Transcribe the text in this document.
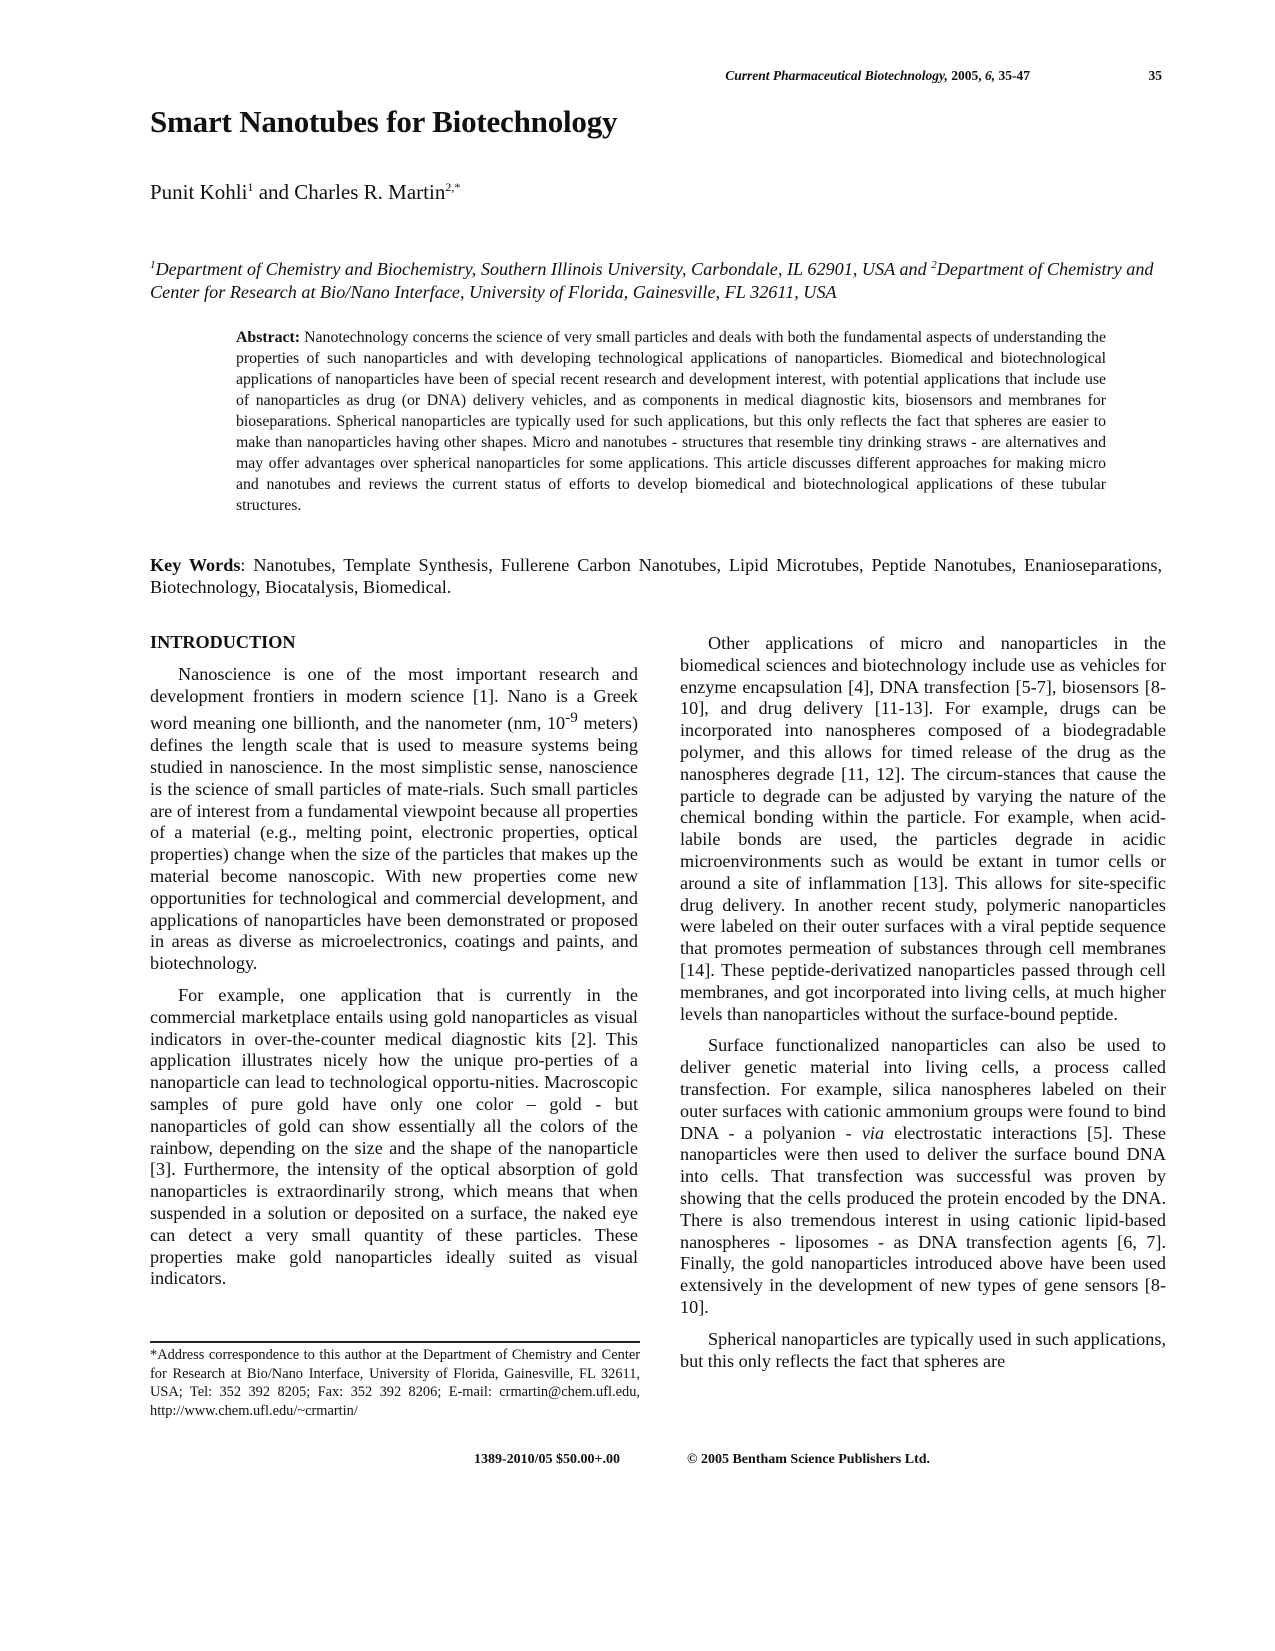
Current Pharmaceutical Biotechnology, 2005, 6, 35-47	35
Smart Nanotubes for Biotechnology
Punit Kohli$^1$ and Charles R. Martin$^{2,*}$
$^1$Department of Chemistry and Biochemistry, Southern Illinois University, Carbondale, IL 62901, USA and $^2$Department of Chemistry and Center for Research at Bio/Nano Interface, University of Florida, Gainesville, FL 32611, USA
Abstract: Nanotechnology concerns the science of very small particles and deals with both the fundamental aspects of understanding the properties of such nanoparticles and with developing technological applications of nanoparticles. Biomedical and biotechnological applications of nanoparticles have been of special recent research and development interest, with potential applications that include use of nanoparticles as drug (or DNA) delivery vehicles, and as components in medical diagnostic kits, biosensors and membranes for bioseparations. Spherical nanoparticles are typically used for such applications, but this only reflects the fact that spheres are easier to make than nanoparticles having other shapes. Micro and nanotubes - structures that resemble tiny drinking straws - are alternatives and may offer advantages over spherical nanoparticles for some applications. This article discusses different approaches for making micro and nanotubes and reviews the current status of efforts to develop biomedical and biotechnological applications of these tubular structures.
Key Words: Nanotubes, Template Synthesis, Fullerene Carbon Nanotubes, Lipid Microtubes, Peptide Nanotubes, Enanioseparations, Biotechnology, Biocatalysis, Biomedical.
INTRODUCTION

Nanoscience is one of the most important research and development frontiers in modern science [1]. Nano is a Greek word meaning one billionth, and the nanometer (nm, $10^{-9}$ meters) defines the length scale that is used to measure systems being studied in nanoscience. In the most simplistic sense, nanoscience is the science of small particles of mate-rials. Such small particles are of interest from a fundamental viewpoint because all properties of a material (e.g., melting point, electronic properties, optical properties) change when the size of the particles that makes up the material become nanoscopic. With new properties come new opportunities for technological and commercial development, and applications of nanoparticles have been demonstrated or proposed in areas as diverse as microelectronics, coatings and paints, and biotechnology.

For example, one application that is currently in the commercial marketplace entails using gold nanoparticles as visual indicators in over-the-counter medical diagnostic kits [2]. This application illustrates nicely how the unique pro-perties of a nanoparticle can lead to technological opportu-nities. Macroscopic samples of pure gold have only one color – gold - but nanoparticles of gold can show essentially all the colors of the rainbow, depending on the size and the shape of the nanoparticle [3]. Furthermore, the intensity of the optical absorption of gold nanoparticles is extraordinarily strong, which means that when suspended in a solution or deposited on a surface, the naked eye can detect a very small quantity of these particles. These properties make gold nanoparticles ideally suited as visual indicators.

Other applications of micro and nanoparticles in the biomedical sciences and biotechnology include use as vehicles for enzyme encapsulation [4], DNA transfection [5-7], biosensors [8-10], and drug delivery [11-13]. For example, drugs can be incorporated into nanospheres composed of a biodegradable polymer, and this allows for timed release of the drug as the nanospheres degrade [11, 12]. The circum-stances that cause the particle to degrade can be adjusted by varying the nature of the chemical bonding within the particle. For example, when acid-labile bonds are used, the particles degrade in acidic microenvironments such as would be extant in tumor cells or around a site of inflammation [13]. This allows for site-specific drug delivery. In another recent study, polymeric nanoparticles were labeled on their outer surfaces with a viral peptide sequence that promotes permeation of substances through cell membranes [14]. These peptide-derivatized nanoparticles passed through cell membranes, and got incorporated into living cells, at much higher levels than nanoparticles without the surface-bound peptide.

Surface functionalized nanoparticles can also be used to deliver genetic material into living cells, a process called transfection. For example, silica nanospheres labeled on their outer surfaces with cationic ammonium groups were found to bind DNA - a polyanion - via electrostatic interactions [5]. These nanoparticles were then used to deliver the surface bound DNA into cells. That transfection was successful was proven by showing that the cells produced the protein encoded by the DNA. There is also tremendous interest in using cationic lipid-based nanospheres - liposomes - as DNA transfection agents [6, 7]. Finally, the gold nanoparticles introduced above have been used extensively in the development of new types of gene sensors [8-10].

Spherical nanoparticles are typically used in such applications, but this only reflects the fact that spheres are

*Address correspondence to this author at the Department of Chemistry and Center for Research at Bio/Nano Interface, University of Florida, Gainesville, FL 32611, USA; Tel: 352 392 8205; Fax: 352 392 8206; E-mail: crmartin@chem.ufl.edu, http://www.chem.ufl.edu/~crmartin/
1389-2010/05 $50.00+.00	© 2005 Bentham Science Publishers Ltd.
